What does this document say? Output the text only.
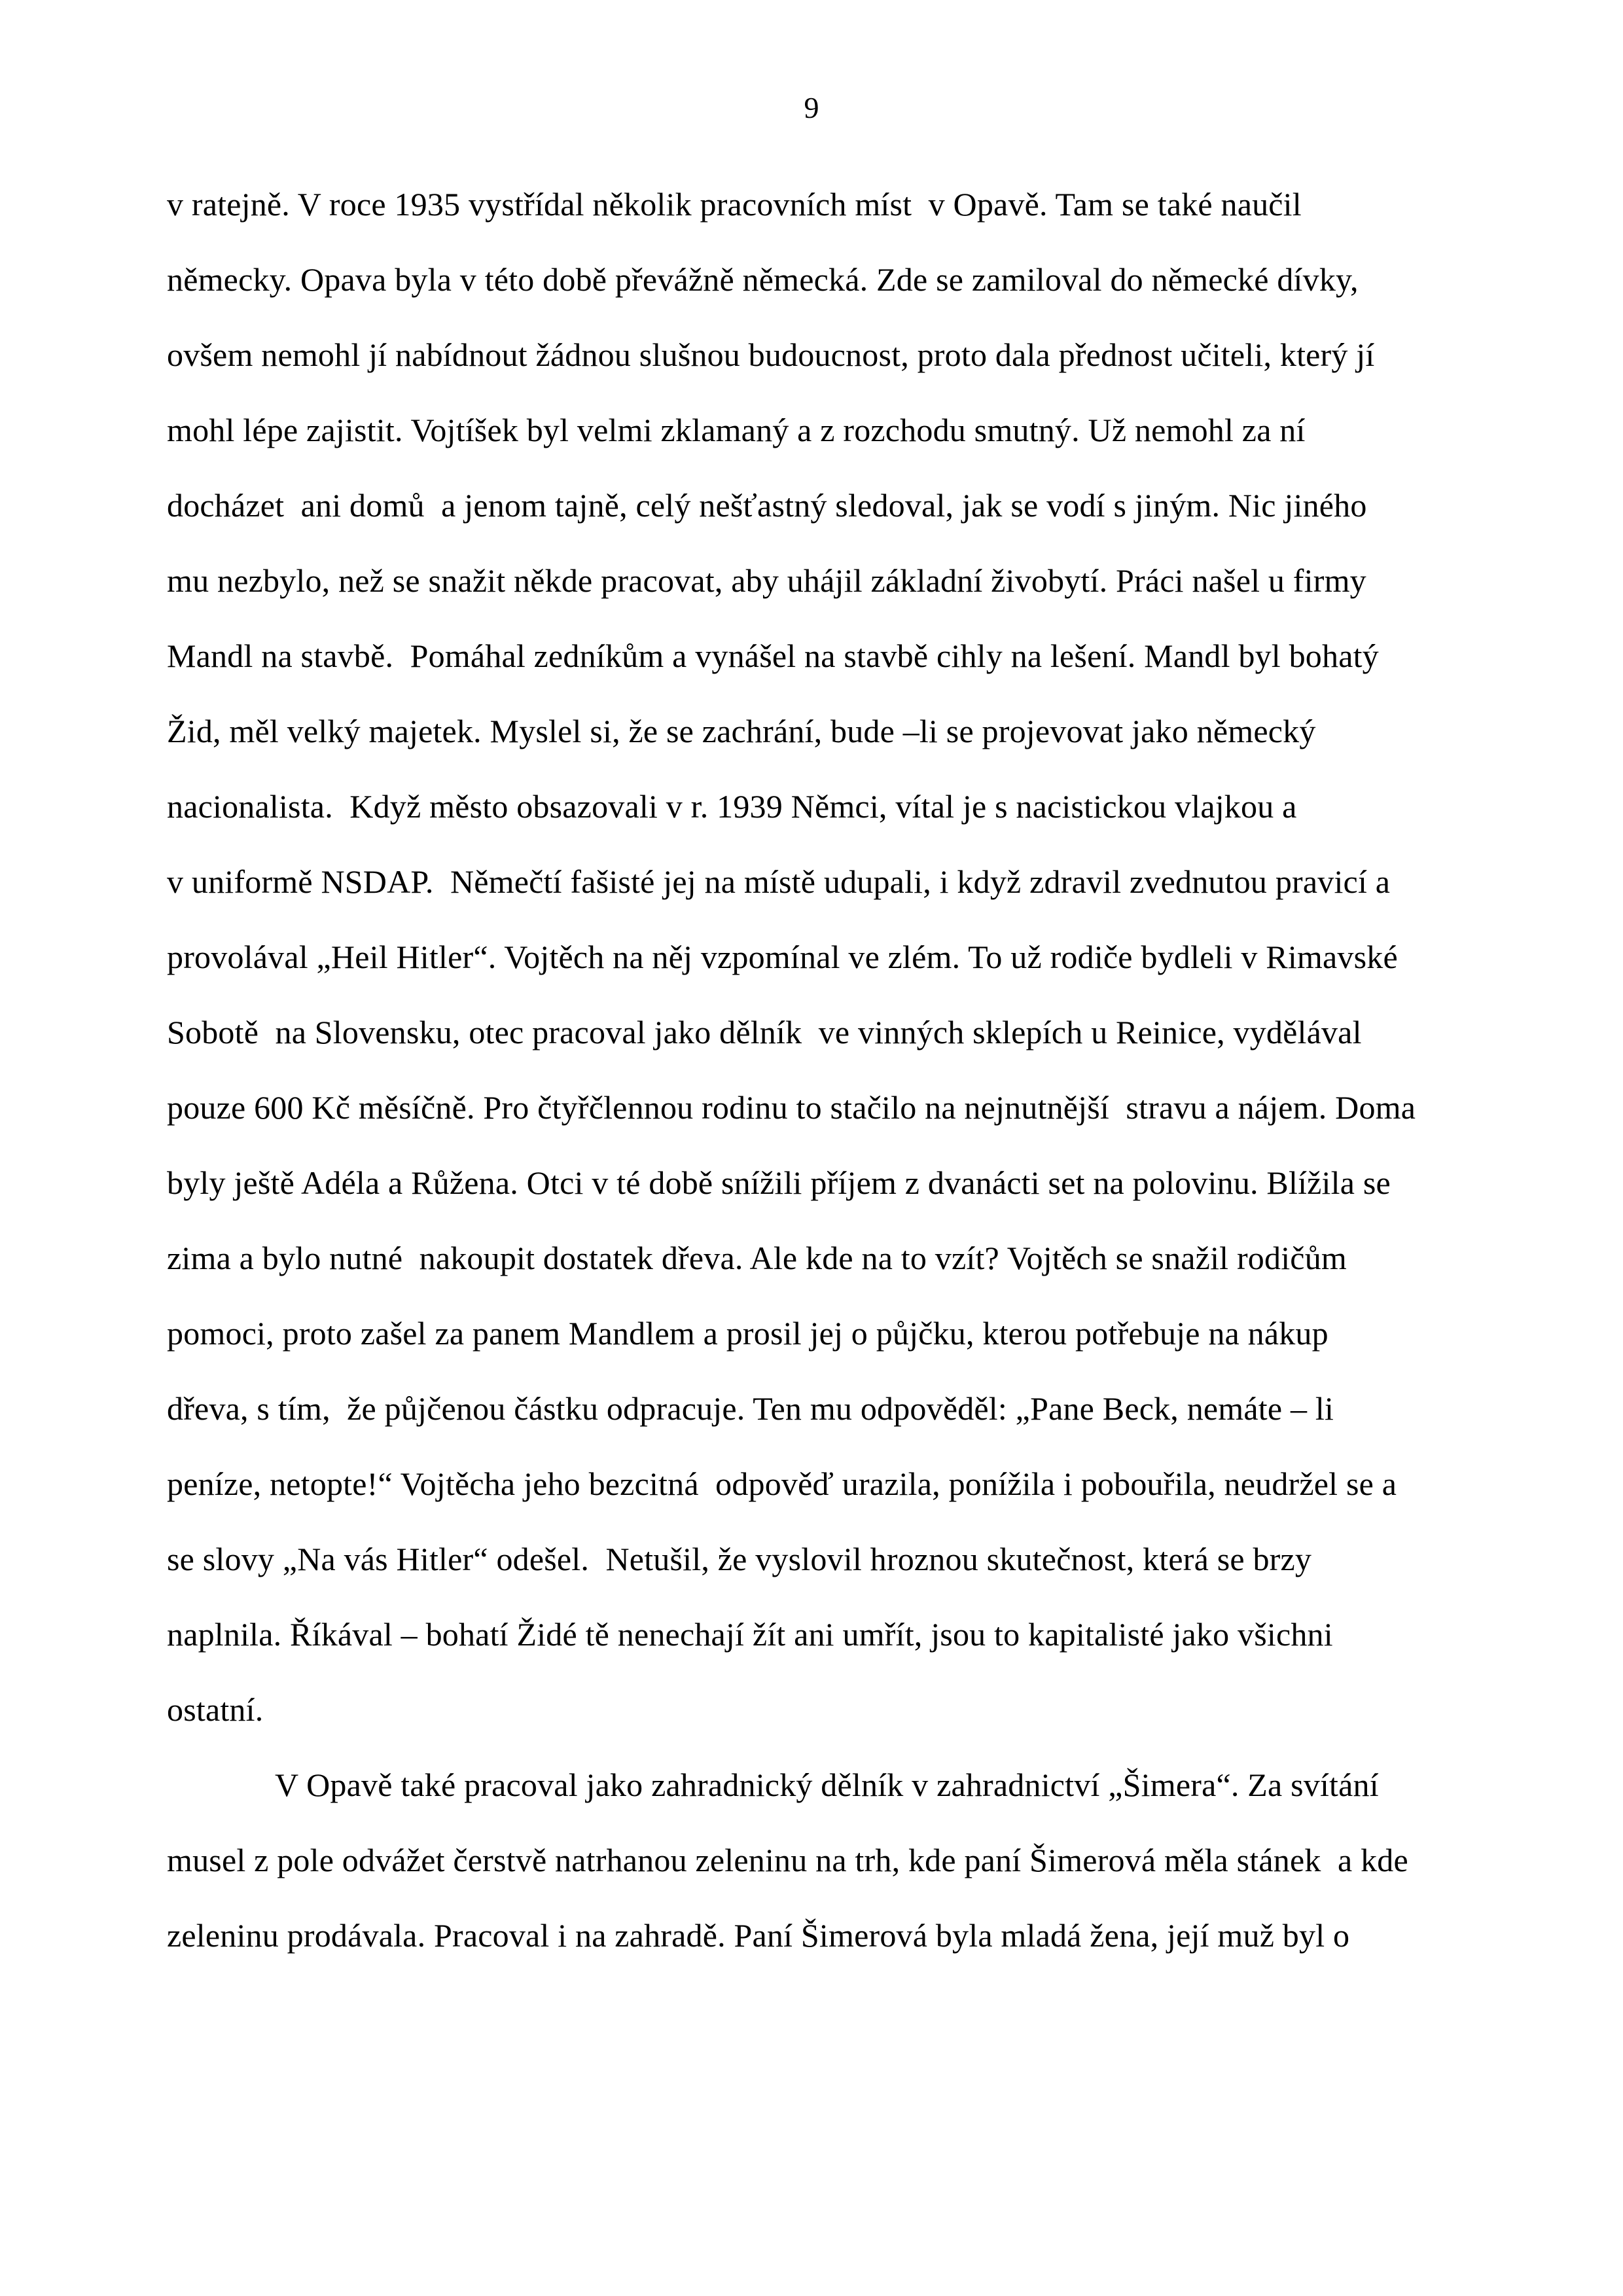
9
v ratejně. V roce 1935 vystřídal několik pracovních míst  v Opavě. Tam se také naučil
německy. Opava byla v této době převážně německá. Zde se zamiloval do německé dívky,
ovšem nemohl jí nabídnout žádnou slušnou budoucnost, proto dala přednost učiteli, který jí
mohl lépe zajistit. Vojtíšek byl velmi zklamaný a z rozchodu smutný. Už nemohl za ní
docházet  ani domů  a jenom tajně, celý nešťastný sledoval, jak se vodí s jiným. Nic jiného
mu nezbylo, než se snažit někde pracovat, aby uhájil základní živobytí. Práci našel u firmy
Mandl na stavbě.  Pomáhal zedníkům a vynášel na stavbě cihly na lešení. Mandl byl bohatý
Žid, měl velký majetek. Myslel si, že se zachrání, bude –li se projevovat jako německý
nacionalista.  Když město obsazovali v r. 1939 Němci, vítal je s nacistickou vlajkou a
v uniformě NSDAP.  Němečtí fašisté jej na místě udupali, i když zdravil zvednutou pravicí a
provolával „Heil Hitler“. Vojtěch na něj vzpomínal ve zlém. To už rodiče bydleli v Rimavské
Sobotě  na Slovensku, otec pracoval jako dělník  ve vinných sklepích u Reinice, vydělával
pouze 600 Kč měsíčně. Pro čtyřčlennou rodinu to stačilo na nejnutnější  stravu a nájem. Doma
byly ještě Adéla a Růžena. Otci v té době snížili příjem z dvanácti set na polovinu. Blížila se
zima a bylo nutné  nakoupit dostatek dřeva. Ale kde na to vzít? Vojtěch se snažil rodičům
pomoci, proto zašel za panem Mandlem a prosil jej o půjčku, kterou potřebuje na nákup
dřeva, s tím,  že půjčenou částku odpracuje. Ten mu odpověděl: „Pane Beck, nemáte – li
peníze, netopte!“ Vojtěcha jeho bezcitná  odpověď urazila, ponížila i pobouřila, neudržel se a
se slovy „Na vás Hitler“ odešel.  Netušil, že vyslovil hroznou skutečnost, která se brzy
naplnila. Říkával – bohatí Židé tě nenechají žít ani umřít, jsou to kapitalisté jako všichni
ostatní.
V Opavě také pracoval jako zahradnický dělník v zahradnictví „Šimera“. Za svítání
musel z pole odvážet čerstvě natrhanou zeleninu na trh, kde paní Šimerová měla stánek  a kde
zeleninu prodávala. Pracoval i na zahradě. Paní Šimerová byla mladá žena, její muž byl o
